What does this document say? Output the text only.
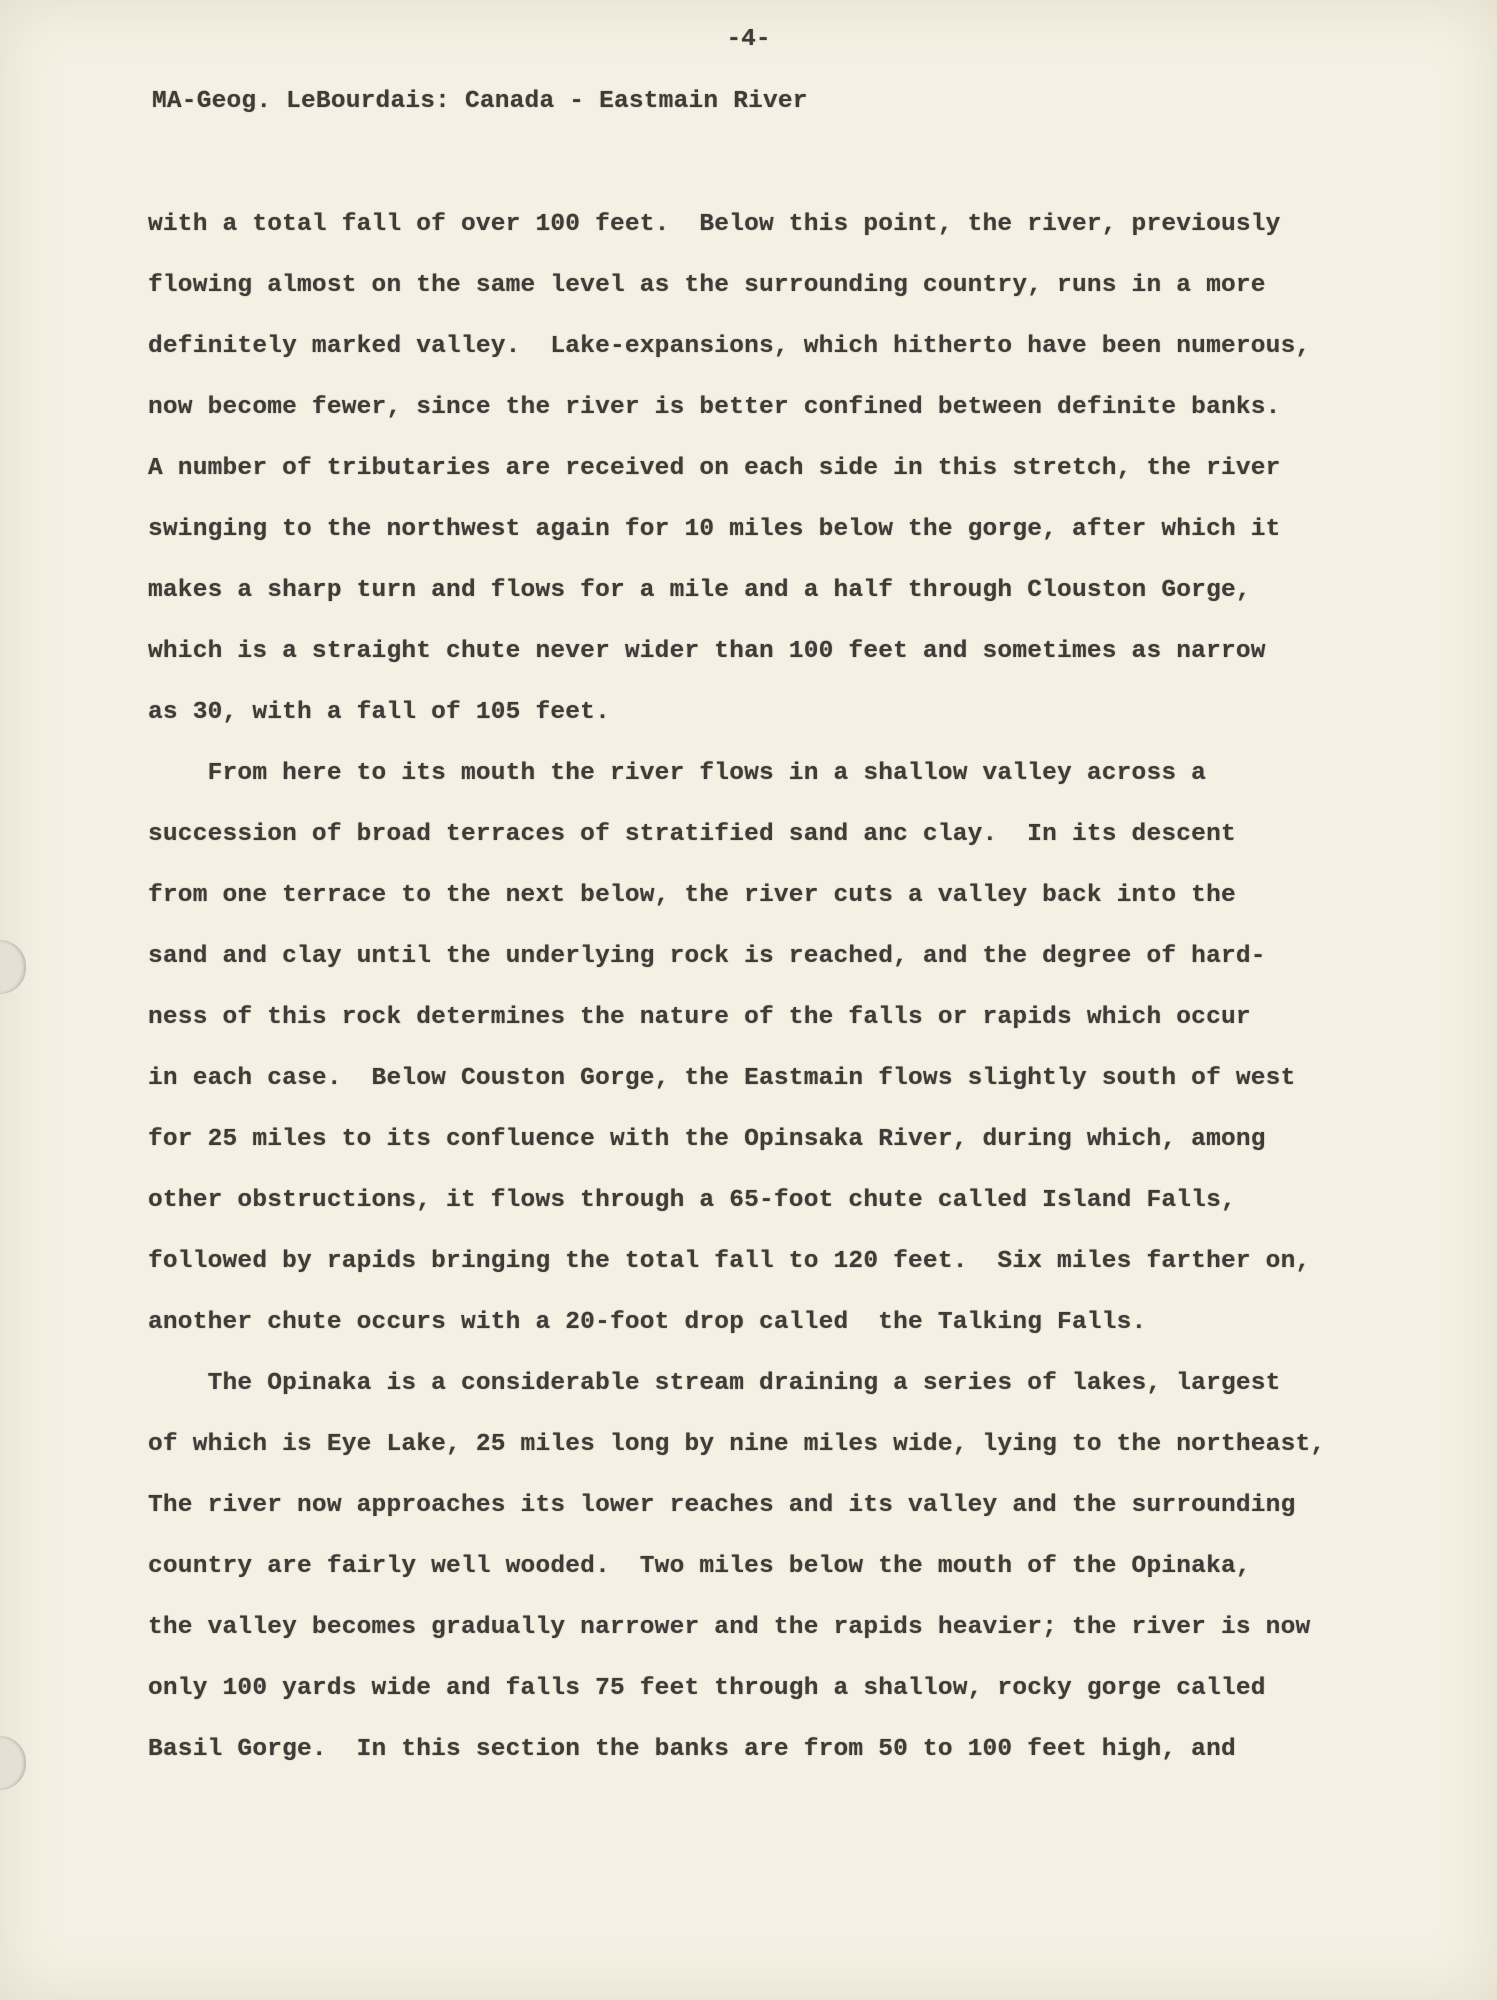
-4-
MA-Geog. LeBourdais: Canada - Eastmain River
with a total fall of over 100 feet.  Below this point, the river, previously
flowing almost on the same level as the surrounding country, runs in a more
definitely marked valley.  Lake-expansions, which hitherto have been numerous,
now become fewer, since the river is better confined between definite banks.
A number of tributaries are received on each side in this stretch, the river
swinging to the northwest again for 10 miles below the gorge, after which it
makes a sharp turn and flows for a mile and a half through Clouston Gorge,
which is a straight chute never wider than 100 feet and sometimes as narrow
as 30, with a fall of 105 feet.
From here to its mouth the river flows in a shallow valley across a
succession of broad terraces of stratified sand anc clay.  In its descent
from one terrace to the next below, the river cuts a valley back into the
sand and clay until the underlying rock is reached, and the degree of hard-
ness of this rock determines the nature of the falls or rapids which occur
in each case.  Below Couston Gorge, the Eastmain flows slightly south of west
for 25 miles to its confluence with the Opinsaka River, during which, among
other obstructions, it flows through a 65-foot chute called Island Falls,
followed by rapids bringing the total fall to 120 feet.  Six miles farther on,
another chute occurs with a 20-foot drop called  the Talking Falls.
The Opinaka is a considerable stream draining a series of lakes, largest
of which is Eye Lake, 25 miles long by nine miles wide, lying to the northeast,
The river now approaches its lower reaches and its valley and the surrounding
country are fairly well wooded.  Two miles below the mouth of the Opinaka,
the valley becomes gradually narrower and the rapids heavier; the river is now
only 100 yards wide and falls 75 feet through a shallow, rocky gorge called
Basil Gorge.  In this section the banks are from 50 to 100 feet high, and
